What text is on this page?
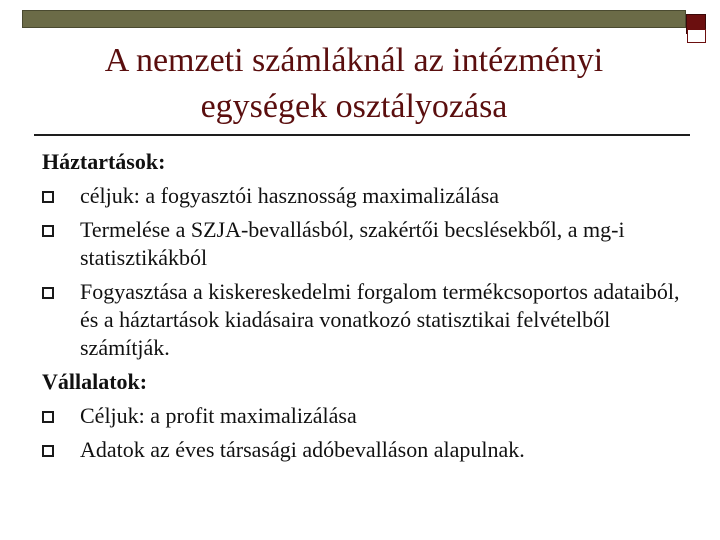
A nemzeti számláknál az intézményi
egységek osztályozása
Háztartások:
céljuk: a fogyasztói hasznosság maximalizálása
Termelése a SZJA-bevallásból, szakértői becslésekből, a mg-i statisztikákból
Fogyasztása a kiskereskedelmi forgalom termékcsoportos adataiból, és a háztartások kiadásaira vonatkozó statisztikai felvételből számítják.
Vállalatok:
Céljuk: a profit maximalizálása
Adatok az éves társasági adóbevalláson alapulnak.
